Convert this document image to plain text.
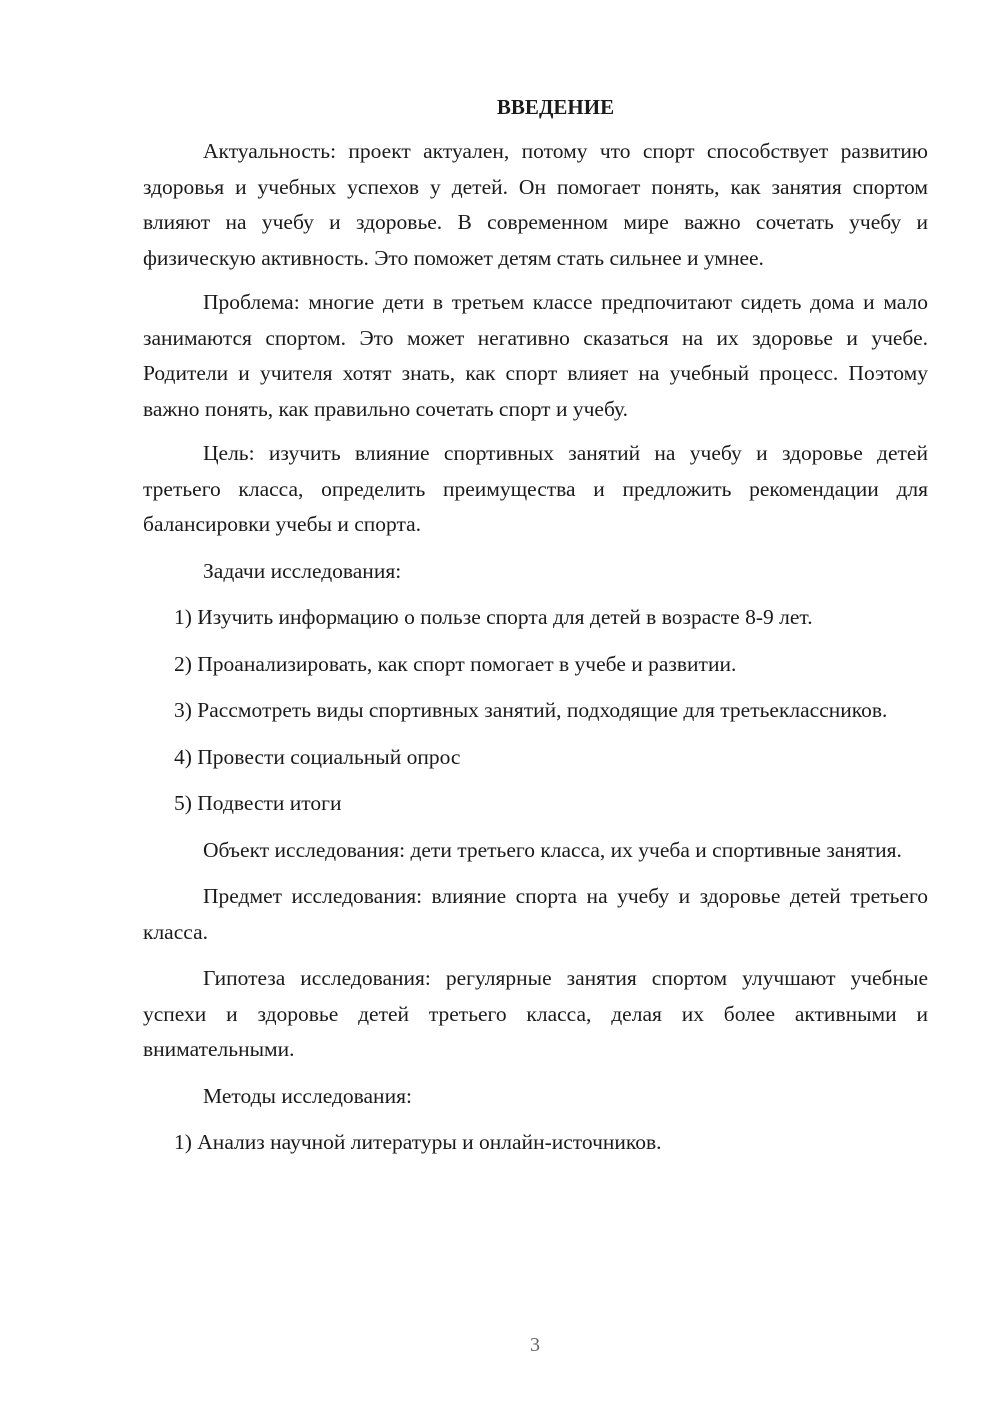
ВВЕДЕНИЕ

Актуальность: проект актуален, потому что спорт способствует развитию здоровья и учебных успехов у детей. Он помогает понять, как занятия спортом влияют на учебу и здоровье. В современном мире важно сочетать учебу и физическую активность. Это поможет детям стать сильнее и умнее.

Проблема: многие дети в третьем классе предпочитают сидеть дома и мало занимаются спортом. Это может негативно сказаться на их здоровье и учебе. Родители и учителя хотят знать, как спорт влияет на учебный процесс. Поэтому важно понять, как правильно сочетать спорт и учебу.

Цель: изучить влияние спортивных занятий на учебу и здоровье детей третьего класса, определить преимущества и предложить рекомендации для балансировки учебы и спорта.

Задачи исследования:

1) Изучить информацию о пользе спорта для детей в возрасте 8-9 лет.

2) Проанализировать, как спорт помогает в учебе и развитии.

3) Рассмотреть виды спортивных занятий, подходящие для третьеклассников.

4) Провести социальный опрос

5) Подвести итоги

Объект исследования: дети третьего класса, их учеба и спортивные занятия.

Предмет исследования: влияние спорта на учебу и здоровье детей третьего класса.

Гипотеза исследования: регулярные занятия спортом улучшают учебные успехи и здоровье детей третьего класса, делая их более активными и внимательными.

Методы исследования:

1) Анализ научной литературы и онлайн-источников.

3
